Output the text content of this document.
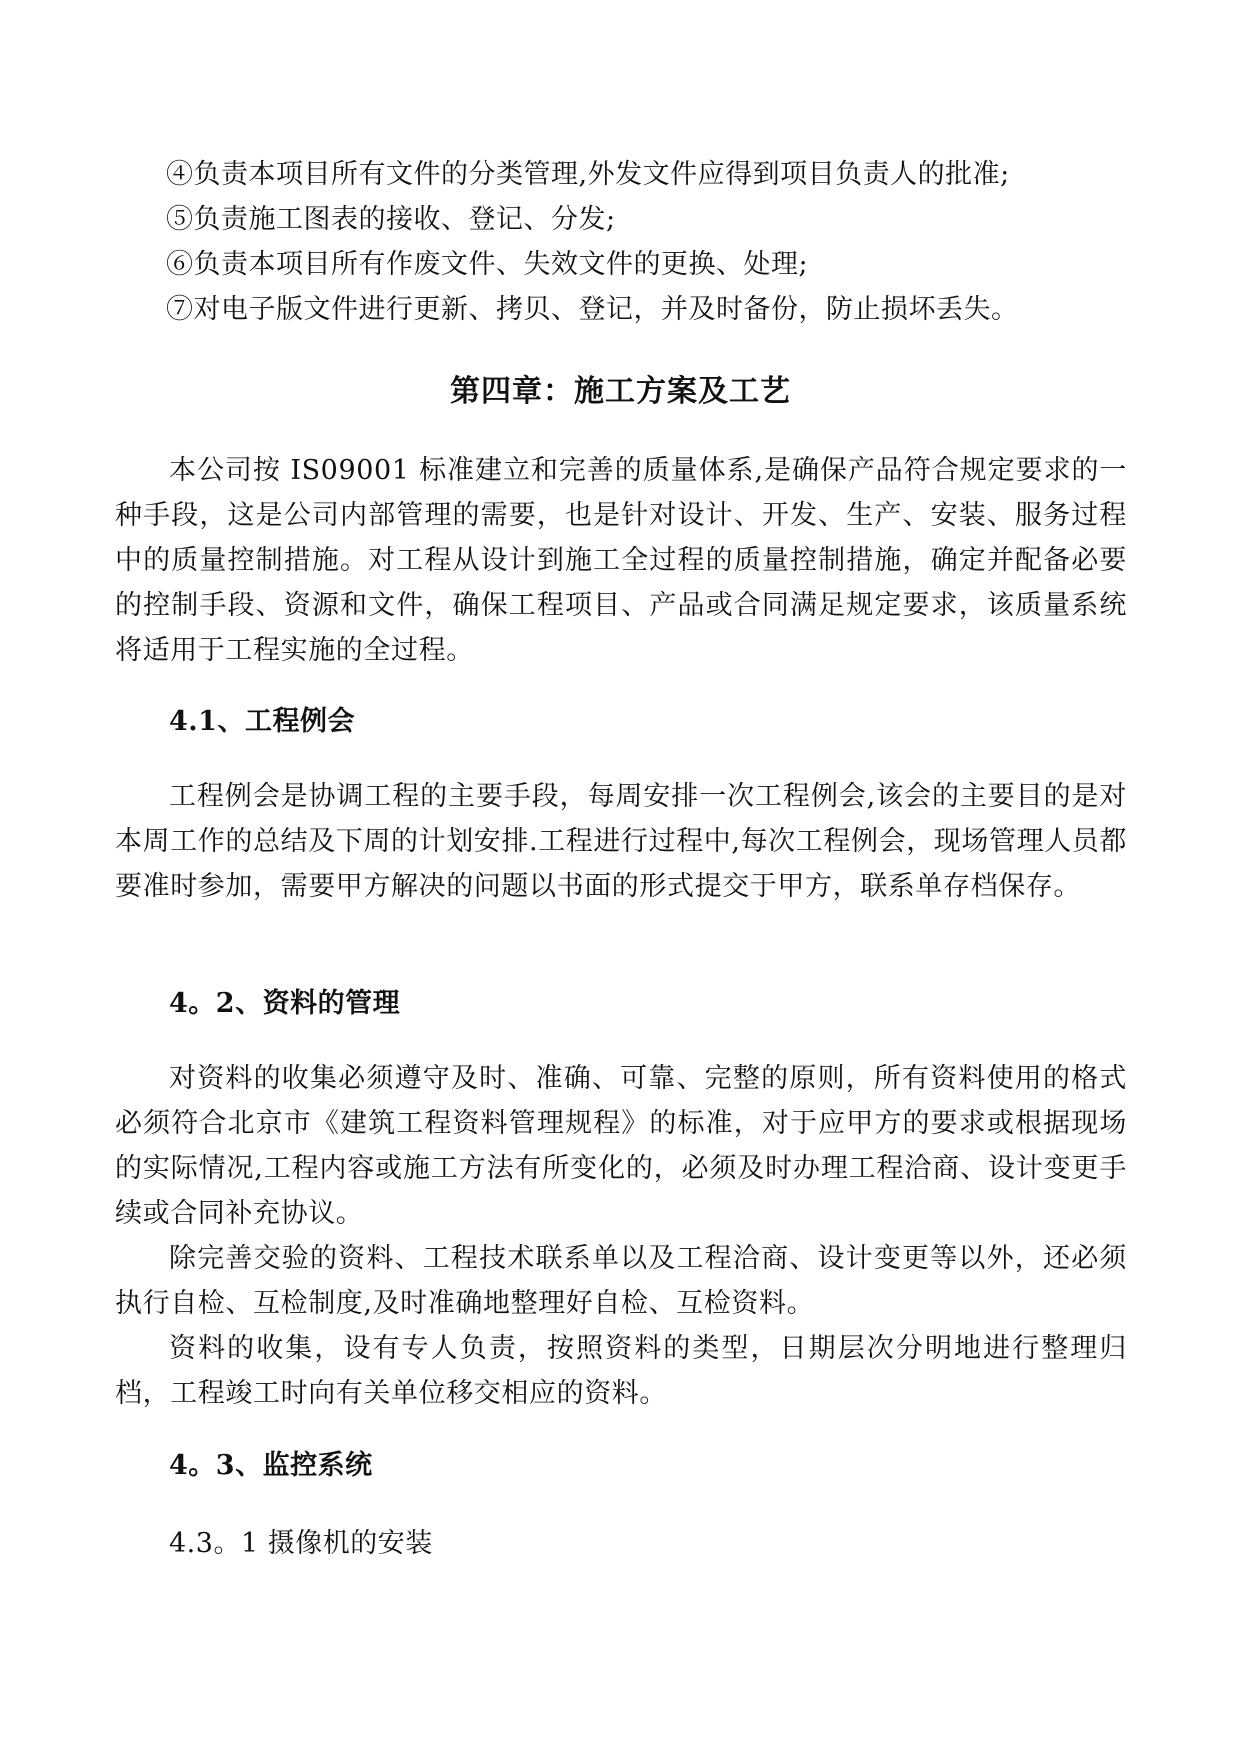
④负责本项目所有文件的分类管理,外发文件应得到项目负责人的批准;
⑤负责施工图表的接收、登记、分发;
⑥负责本项目所有作废文件、失效文件的更换、处理;
⑦对电子版文件进行更新、拷贝、登记，并及时备份，防止损坏丢失。
第四章：施工方案及工艺
本公司按 IS09001 标准建立和完善的质量体系,是确保产品符合规定要求的一种手段，这是公司内部管理的需要，也是针对设计、开发、生产、安装、服务过程中的质量控制措施。对工程从设计到施工全过程的质量控制措施，确定并配备必要的控制手段、资源和文件，确保工程项目、产品或合同满足规定要求，该质量系统将适用于工程实施的全过程。
4.1、工程例会
工程例会是协调工程的主要手段，每周安排一次工程例会,该会的主要目的是对本周工作的总结及下周的计划安排.工程进行过程中,每次工程例会，现场管理人员都要准时参加，需要甲方解决的问题以书面的形式提交于甲方，联系单存档保存。
4。2、资料的管理
对资料的收集必须遵守及时、准确、可靠、完整的原则，所有资料使用的格式必须符合北京市《建筑工程资料管理规程》的标准，对于应甲方的要求或根据现场的实际情况,工程内容或施工方法有所变化的，必须及时办理工程洽商、设计变更手续或合同补充协议。
除完善交验的资料、工程技术联系单以及工程洽商、设计变更等以外，还必须执行自检、互检制度,及时准确地整理好自检、互检资料。
资料的收集，设有专人负责，按照资料的类型，日期层次分明地进行整理归档，工程竣工时向有关单位移交相应的资料。
4。3、监控系统
4.3。1 摄像机的安装
